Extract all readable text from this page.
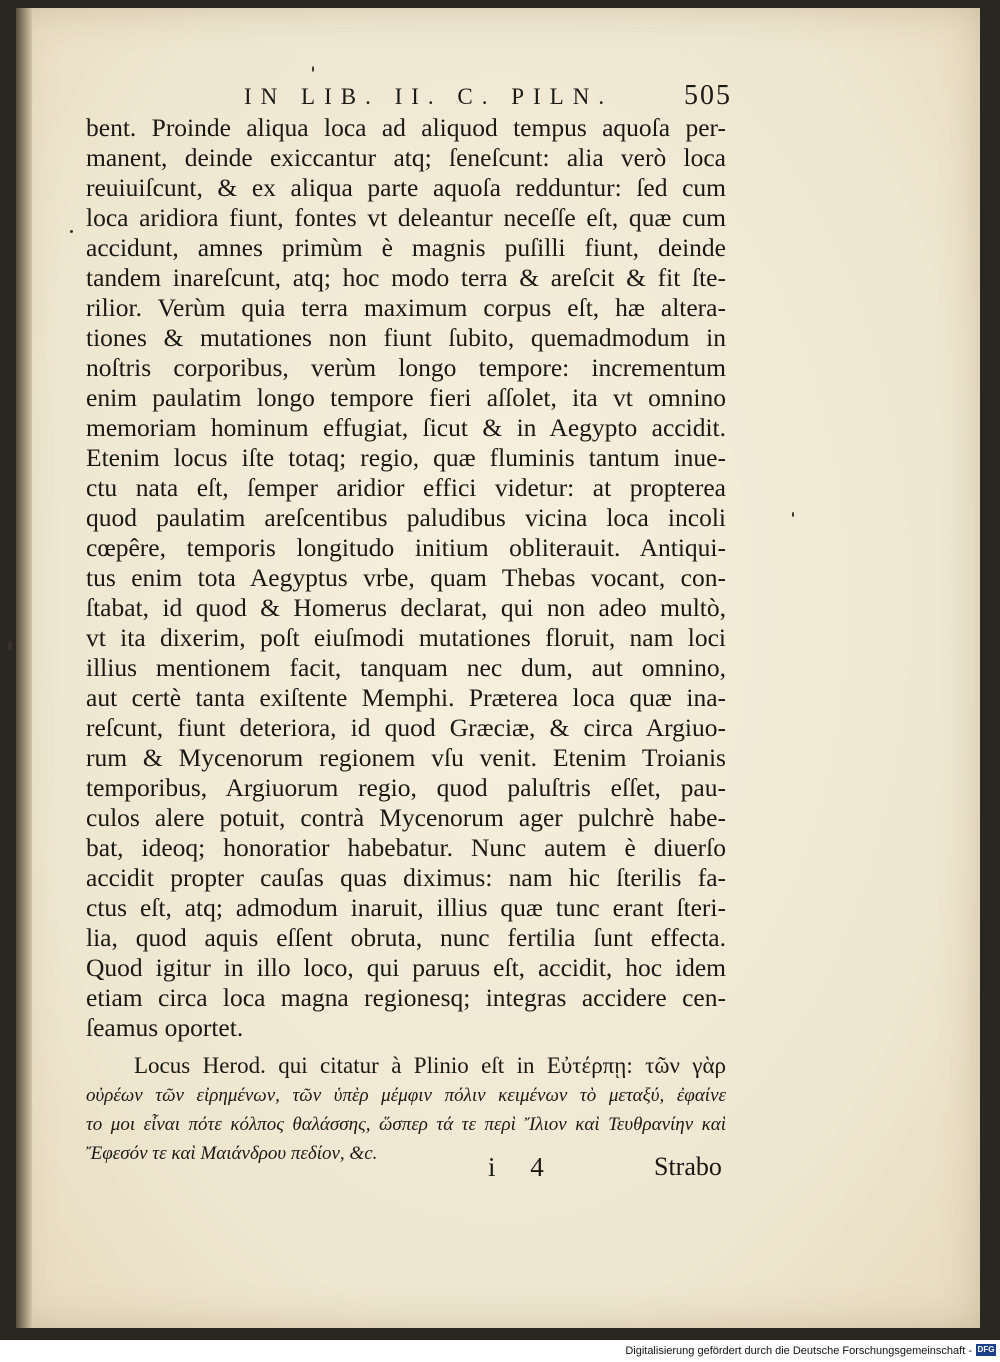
IN LIB. II. C. PILN.	505
bent. Proinde aliqua loca ad aliquod tempus aquoſa per-
manent, deinde exiccantur atq; ſeneſcunt: alia verò loca
reuiuiſcunt, & ex aliqua parte aquoſa redduntur: ſed cum
loca aridiora fiunt, fontes vt deleantur neceſſe eſt, quæ cum
accidunt, amnes primùm è magnis puſilli fiunt, deinde
tandem inareſcunt, atq; hoc modo terra & areſcit & fit ſte-
rilior. Verùm quia terra maximum corpus eſt, hæ altera-
tiones & mutationes non fiunt ſubito, quemadmodum in
noſtris corporibus, verùm longo tempore: incrementum
enim paulatim longo tempore fieri aſſolet, ita vt omnino
memoriam hominum effugiat, ſicut & in Aegypto accidit.
Etenim locus iſte totaq; regio, quæ fluminis tantum inue-
ctu nata eſt, ſemper aridior effici videtur: at propterea
quod paulatim areſcentibus paludibus vicina loca incoli
cœpêre, temporis longitudo initium obliterauit. Antiqui-
tus enim tota Aegyptus vrbe, quam Thebas vocant, con-
ſtabat, id quod & Homerus declarat, qui non adeo multò,
vt ita dixerim, poſt eiuſmodi mutationes floruit, nam loci
illius mentionem facit, tanquam nec dum, aut omnino,
aut certè tanta exiſtente Memphi. Præterea loca quæ ina-
reſcunt, fiunt deteriora, id quod Græciæ, & circa Argiuo-
rum & Mycenorum regionem vſu venit. Etenim Troianis
temporibus, Argiuorum regio, quod paluſtris eſſet, pau-
culos alere potuit, contrà Mycenorum ager pulchrè habe-
bat, ideoq; honoratior habebatur. Nunc autem è diuerſo
accidit propter cauſas quas diximus: nam hic ſterilis fa-
ctus eſt, atq; admodum inaruit, illius quæ tunc erant ſteri-
lia, quod aquis eſſent obruta, nunc fertilia ſunt effecta.
Quod igitur in illo loco, qui paruus eſt, accidit, hoc idem
etiam circa loca magna regionesq; integras accidere cen-
ſeamus oportet.
Locus Herod. qui citatur à Plinio eſt in Εὐτέρπῃ: τῶν γὰρ
οὐρέων τῶν εἰρημένων, τῶν ὑπὲρ μέμφιν πόλιν κειμένων τὸ μεταξύ, ἐφαίνε
το μοι εἶναι πότε κόλπος θαλάσσης, ὥσπερ τά τε περὶ Ἴλιον καὶ Τευθρανίην καὶ
Ἔφεσόν τε καὶ Μαιάνδρου πεδίον, &c.	i 4	Strabo
Digitalisierung gefördert durch die Deutsche Forschungsgemeinschaft - DFG
